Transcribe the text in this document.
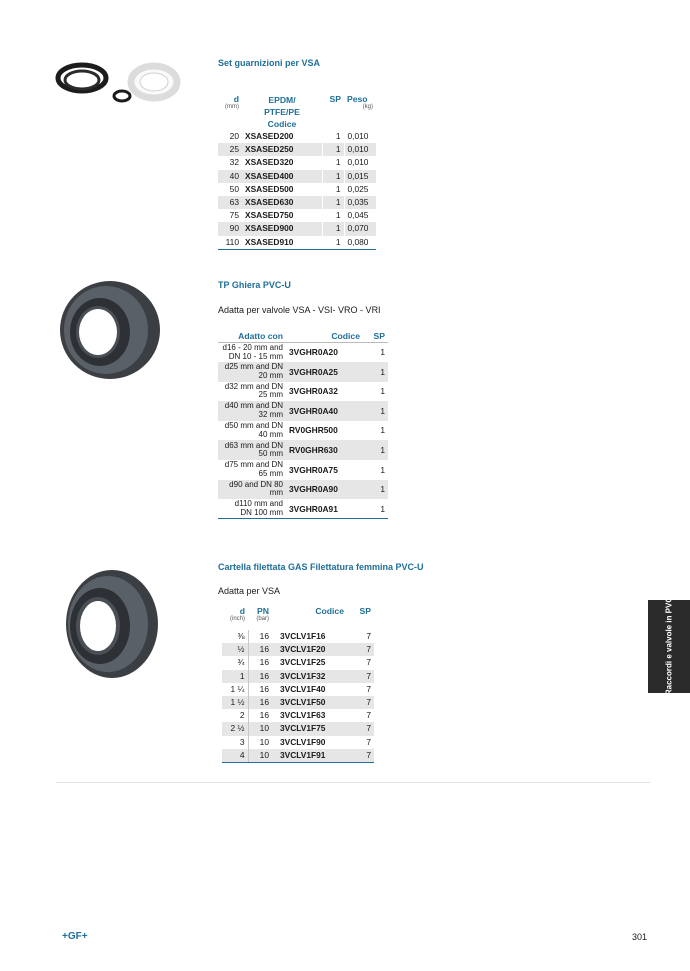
Set guarnizioni per VSA
d
(mm)	EPDM/
PTFE/PE
Codice	SP	Peso
(kg)

20	XSASED200	1	0,010
25	XSASED250	1	0,010
32	XSASED320	1	0,010
40	XSASED400	1	0,015
50	XSASED500	1	0,025
63	XSASED630	1	0,035
75	XSASED750	1	0,045
90	XSASED900	1	0,070
110	XSASED910	1	0,080
TP Ghiera PVC-U
Adatta per valvole VSA - VSI- VRO - VRI
Adatto con	Codice	SP
d16 - 20 mm and DN 10 - 15 mm	3VGHR0A20	1
d25 mm and DN 20 mm	3VGHR0A25	1
d32 mm and DN 25 mm	3VGHR0A32	1
d40 mm and DN 32 mm	3VGHR0A40	1
d50 mm and DN 40 mm	RV0GHR500	1
d63 mm and DN 50 mm	RV0GHR630	1
d75 mm and DN 65 mm	3VGHR0A75	1
d90 and DN 80 mm	3VGHR0A90	1
d110 mm and DN 100 mm	3VGHR0A91	1
Cartella filettata GAS Filettatura femmina PVC-U
Adatta per VSA
d
(inch)	PN
(bar)	Codice	SP
⅜	16	3VCLV1F16	7
½	16	3VCLV1F20	7
¾	16	3VCLV1F25	7
1	16	3VCLV1F32	7
1 ¼	16	3VCLV1F40	7
1 ½	16	3VCLV1F50	7
2	16	3VCLV1F63	7
2 ½	10	3VCLV1F75	7
3	10	3VCLV1F90	7
4	10	3VCLV1F91	7
Raccordi e valvole in PVC
+GF+	301
